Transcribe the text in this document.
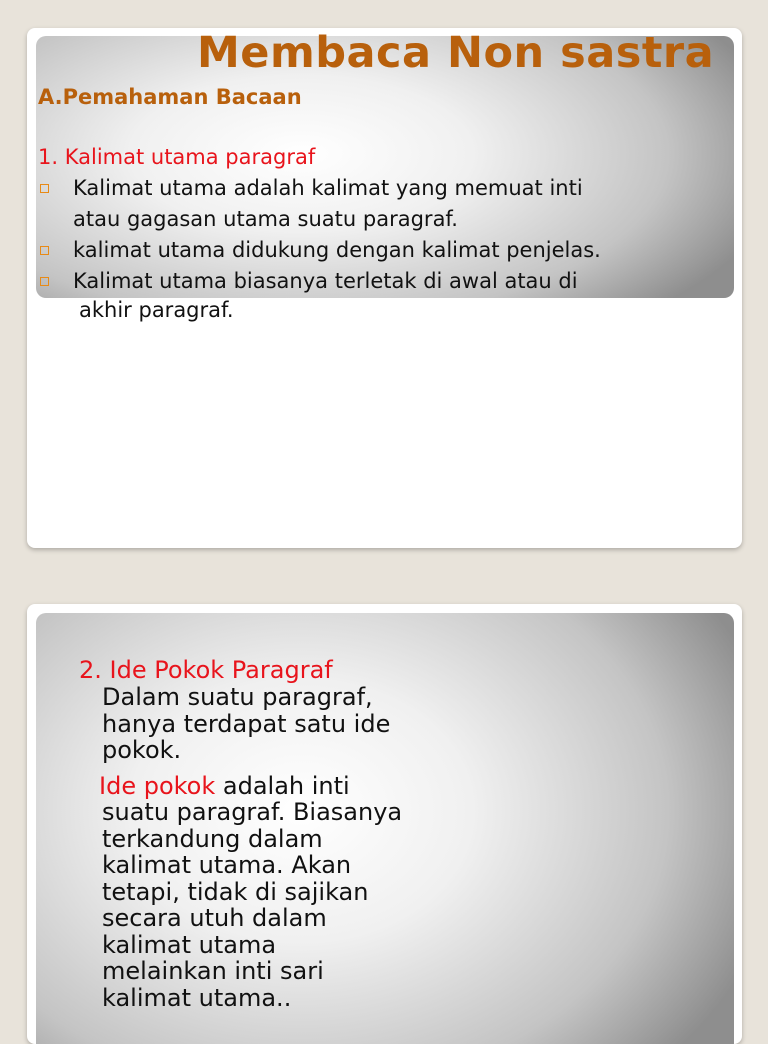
Membaca Non sastra
A.Pemahaman Bacaan
1. Kalimat utama paragraf
Kalimat utama adalah kalimat yang memuat inti
atau gagasan utama suatu paragraf.
kalimat utama didukung dengan kalimat penjelas.
Kalimat utama biasanya terletak di awal atau di
akhir paragraf.
2. Ide Pokok Paragraf
Dalam suatu paragraf,
hanya terdapat satu ide
pokok.
Ide pokok adalah inti
suatu paragraf. Biasanya
terkandung dalam
kalimat utama. Akan
tetapi, tidak di sajikan
secara utuh dalam
kalimat utama
melainkan inti sari
kalimat utama..
